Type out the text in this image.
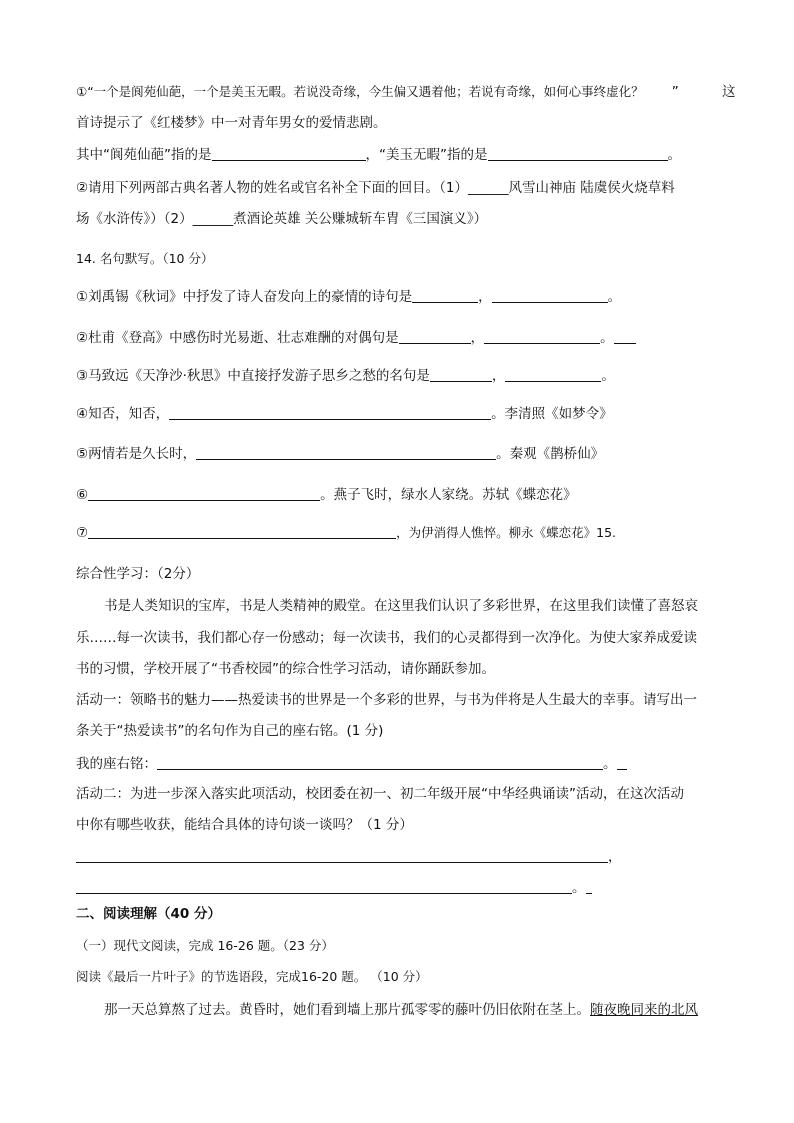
①“一个是阆苑仙葩，一个是美玉无暇。若说没奇缘，今生偏又遇着他；若说有奇缘，如何心事终虚化？ ”	这
首诗提示了《红楼梦》中一对青年男女的爱情悲剧。
其中“阆苑仙葩”指的是	，“美玉无暇”指的是	。
②请用下列两部古典名著人物的姓名或官名补全下面的回目。（1）______风雪山神庙 陆虞侯火烧草料
场《水浒传》）（2）______煮酒论英雄 关公赚城斩车胄《三国演义》）
14. 名句默写。（10 分）
①刘禹锡《秋词》中抒发了诗人奋发向上的豪情的诗句是	，	。
②杜甫《登高》中感伤时光易逝、壮志难酬的对偶句是	，	。
③马致远《天净沙·秋思》中直接抒发游子思乡之愁的名句是	，	。
④知否，知否，	。李清照《如梦令》
⑤两情若是久长时，	。秦观《鹊桥仙》
⑥	。燕子飞时，绿水人家绕。苏轼《蝶恋花》
⑦	，为伊消得人憔悴。柳永《蝶恋花》15.
综合性学习：（2分）
书是人类知识的宝库，书是人类精神的殿堂。在这里我们认识了多彩世界，在这里我们读懂了喜怒哀
乐……每一次读书，我们都心存一份感动；每一次读书，我们的心灵都得到一次净化。为使大家养成爱读
书的习惯，学校开展了“书香校园”的综合性学习活动，请你踊跃参加。
活动一：领略书的魅力——热爱读书的世界是一个多彩的世界，与书为伴将是人生最大的幸事。请写出一
条关于“热爱读书”的名句作为自己的座右铭。(1 分)
我的座右铭：	。
活动二：为进一步深入落实此项活动，校团委在初一、初二年级开展“中华经典诵读”活动，在这次活动
中你有哪些收获，能结合具体的诗句谈一谈吗？（1 分）
，
。
二、阅读理解（40 分）
（一）现代文阅读，完成 16-26 题。（23 分）
阅读《最后一片叶子》的节选语段，完成16-20 题。 （10 分）
那一天总算熬了过去。黄昏时，她们看到墙上那片孤零零的藤叶仍旧依附在茎上。随夜晚同来的北风
